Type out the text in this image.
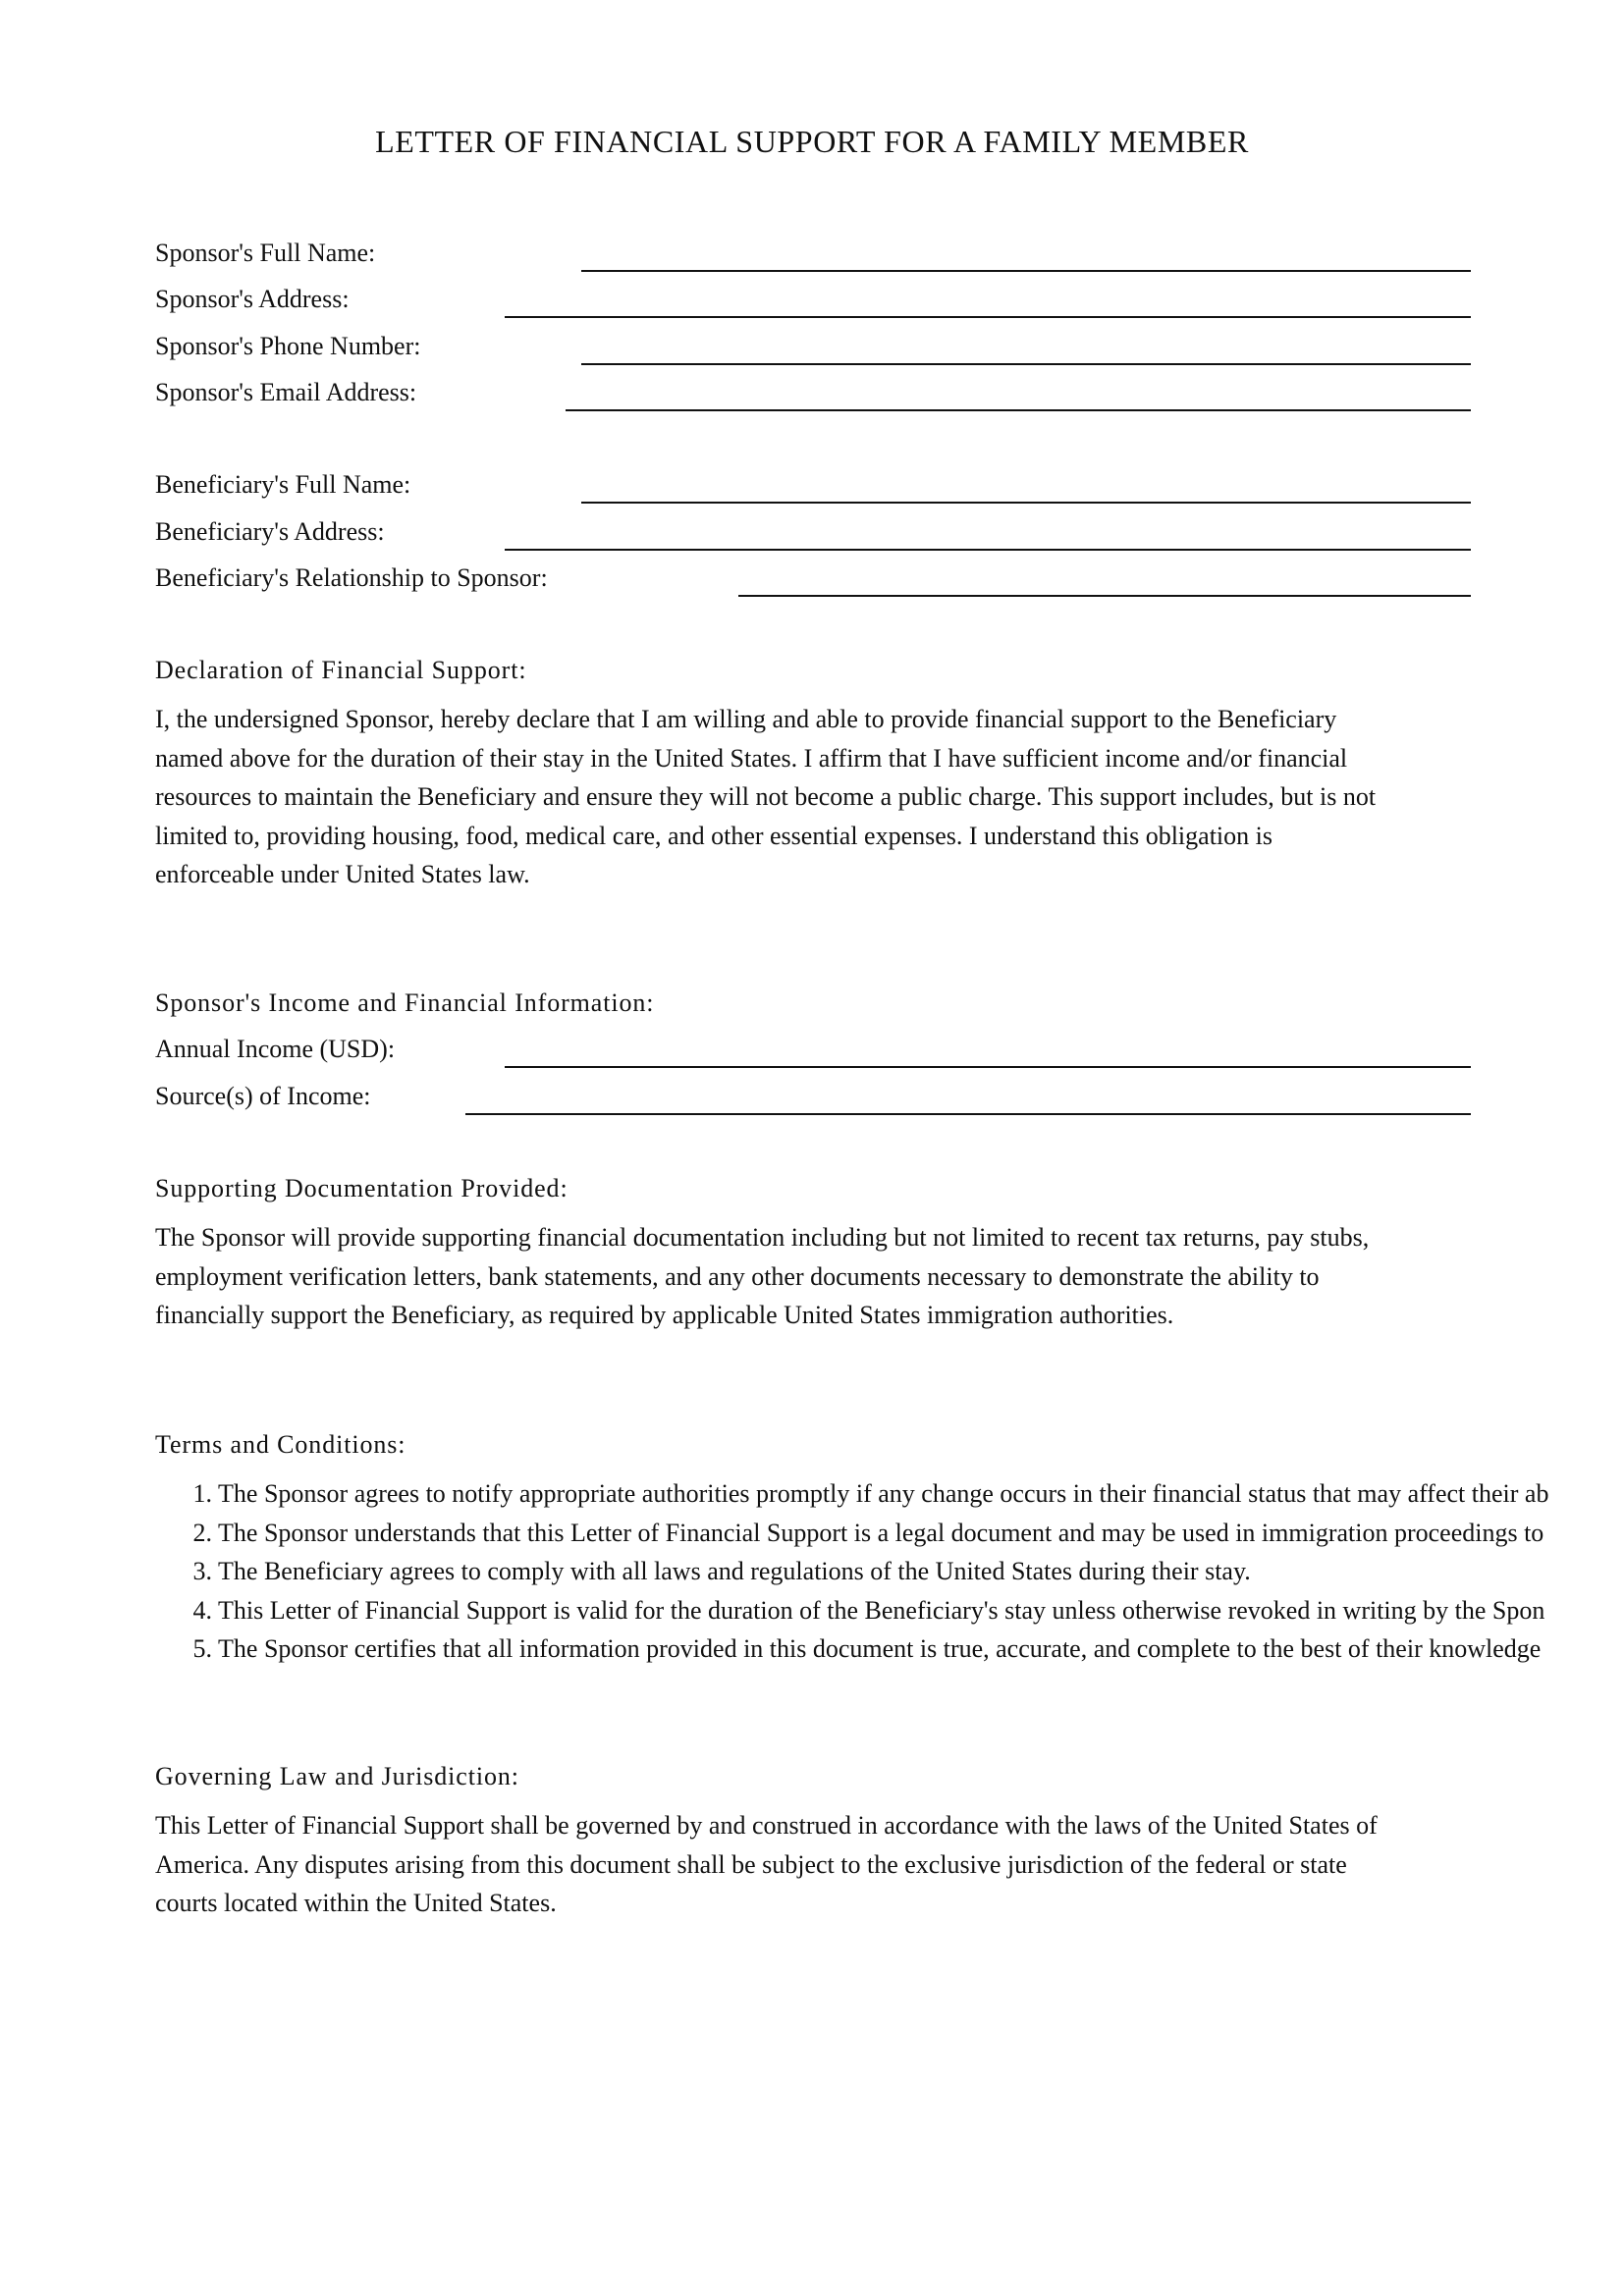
LETTER OF FINANCIAL SUPPORT FOR A FAMILY MEMBER
Sponsor's Full Name:
Sponsor's Address:
Sponsor's Phone Number:
Sponsor's Email Address:
Beneficiary's Full Name:
Beneficiary's Address:
Beneficiary's Relationship to Sponsor:
Declaration of Financial Support:

I, the undersigned Sponsor, hereby declare that I am willing and able to provide financial support to the Beneficiary
named above for the duration of their stay in the United States. I affirm that I have sufficient income and/or financial
resources to maintain the Beneficiary and ensure they will not become a public charge. This support includes, but is not
limited to, providing housing, food, medical care, and other essential expenses. I understand this obligation is
enforceable under United States law.

Sponsor's Income and Financial Information:
Annual Income (USD):
Source(s) of Income:
Supporting Documentation Provided:

The Sponsor will provide supporting financial documentation including but not limited to recent tax returns, pay stubs,
employment verification letters, bank statements, and any other documents necessary to demonstrate the ability to
financially support the Beneficiary, as required by applicable United States immigration authorities.

Terms and Conditions:
1. The Sponsor agrees to notify appropriate authorities promptly if any change occurs in their financial status that may affect their ab
2. The Sponsor understands that this Letter of Financial Support is a legal document and may be used in immigration proceedings to
3. The Beneficiary agrees to comply with all laws and regulations of the United States during their stay.
4. This Letter of Financial Support is valid for the duration of the Beneficiary's stay unless otherwise revoked in writing by the Spon
5. The Sponsor certifies that all information provided in this document is true, accurate, and complete to the best of their knowledge
Governing Law and Jurisdiction:

This Letter of Financial Support shall be governed by and construed in accordance with the laws of the United States of
America. Any disputes arising from this document shall be subject to the exclusive jurisdiction of the federal or state
courts located within the United States.
